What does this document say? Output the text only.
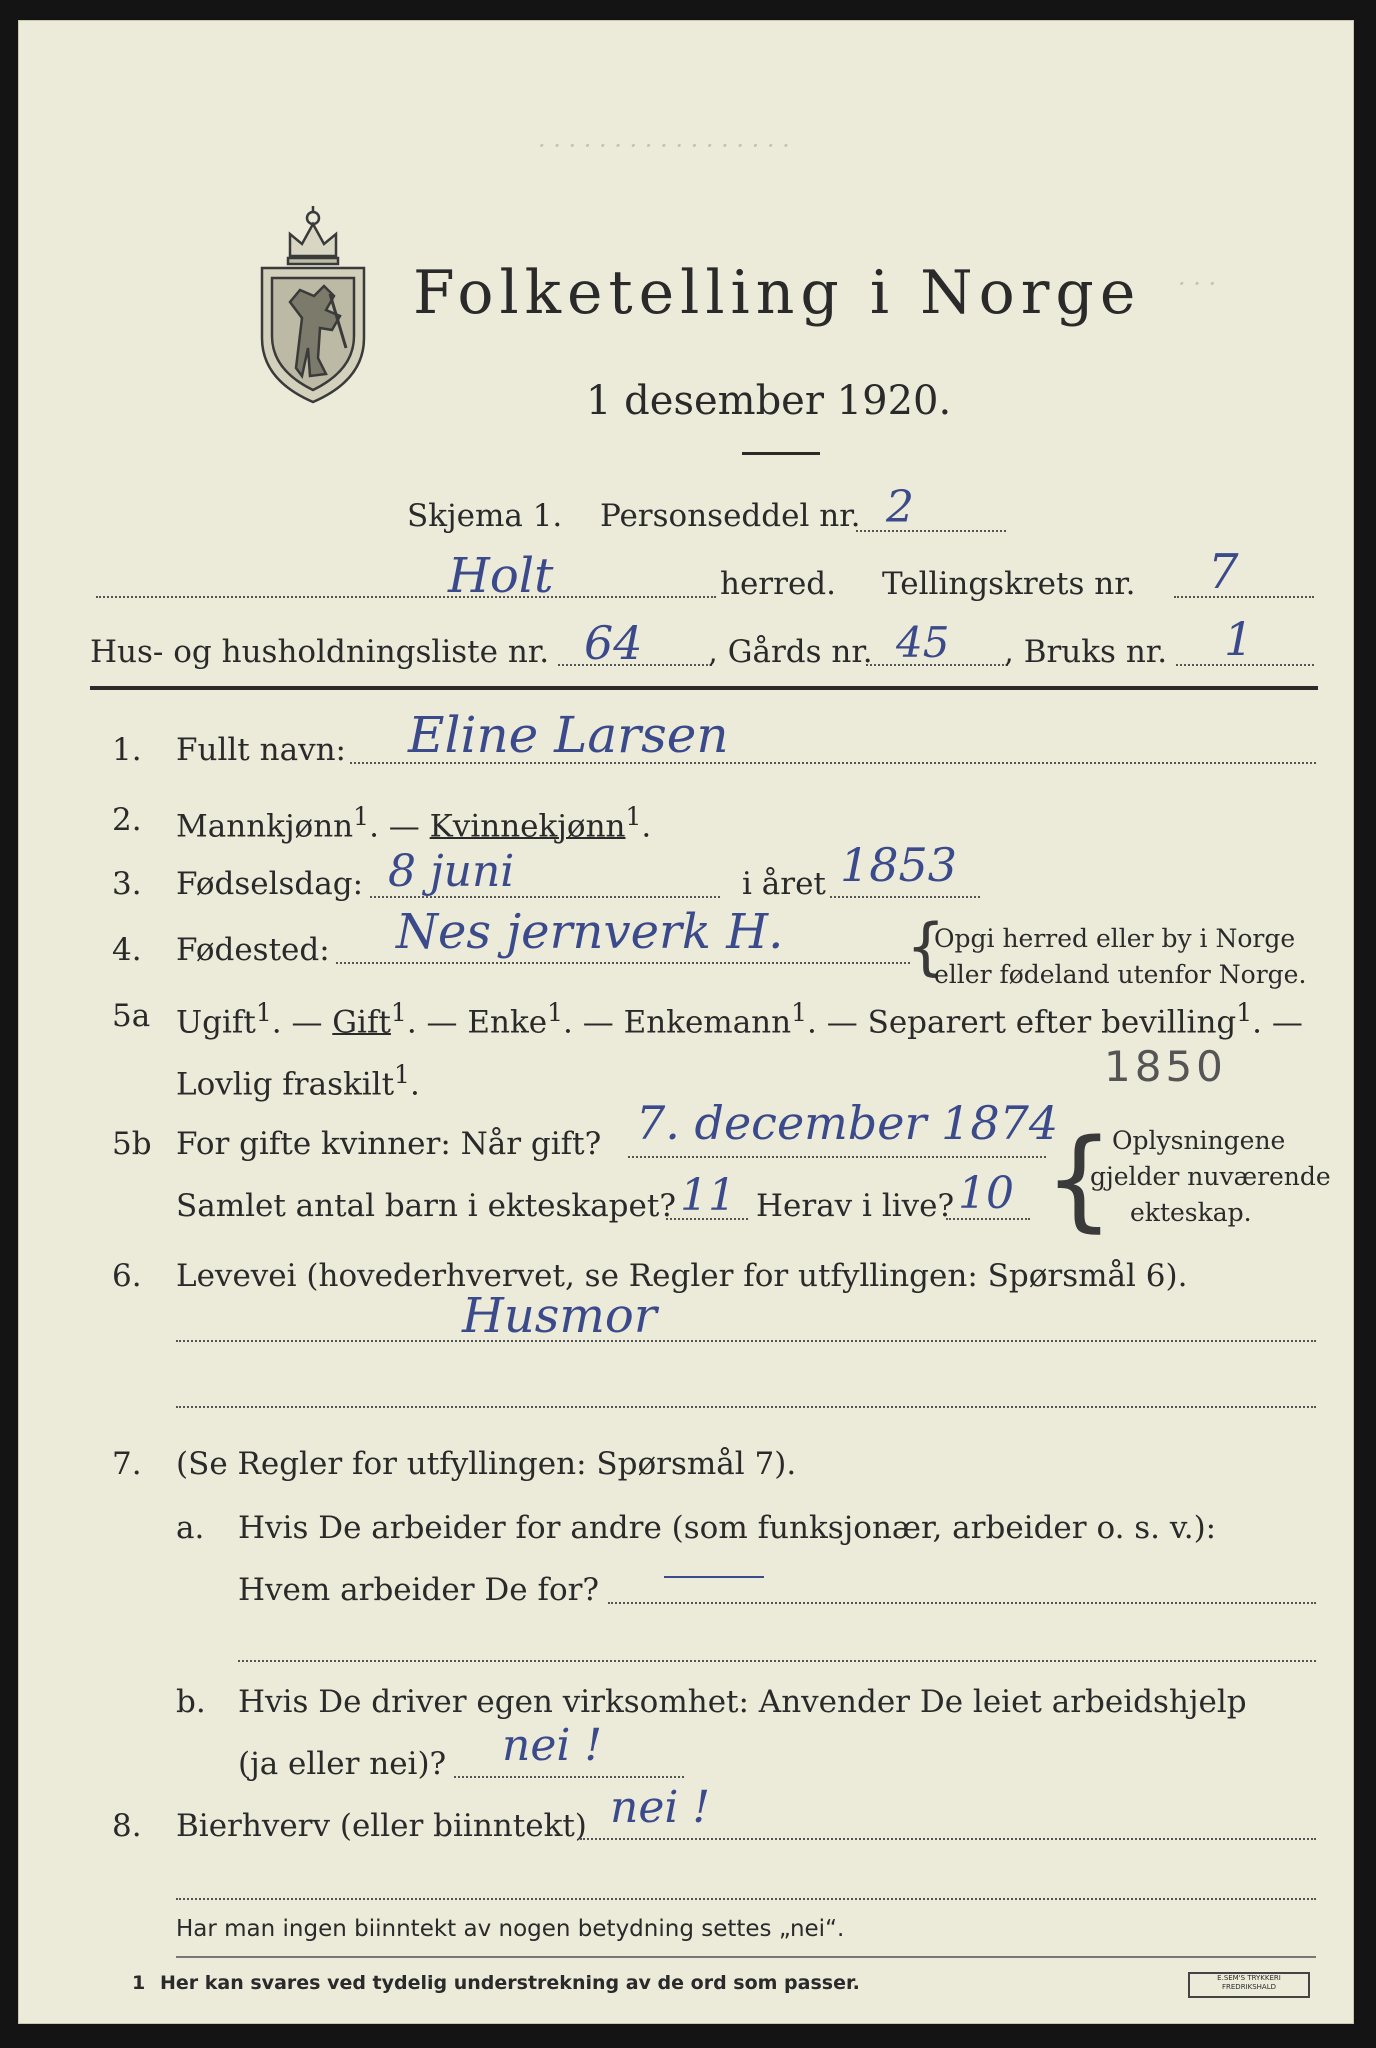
· · · · · · · · · · · · · · · · ·
· · ·
Folketelling i Norge
1 desember 1920.
Skjema 1. Personseddel nr. 2
Holt	herred. Tellingskrets nr. 7
Hus- og husholdningsliste nr. 64 , Gårds nr. 45 , Bruks nr. 1
1. Fullt navn: Eline Larsen
2. Mannkjønn$^1$. — Kvinnekjønn$^1$.
3. Fødselsdag: 8 juni	i året 1853
4. Fødested: Nes jernverk H. {
Opgi herred eller by i Norge
eller fødeland utenfor Norge.
5a Ugift$^1$. — Gift$^1$. — Enke$^1$. — Enkemann$^1$. — Separert efter bevilling$^1$. —
Lovlig fraskilt$^1$.	1850
5b For gifte kvinner: Når gift? 7. december 1874
Samlet antal barn i ekteskapet? 11 Herav i live? 10 {
Oplysningene
gjelder nuværende
ekteskap.
6. Levevei (hovederhvervet, se Regler for utfyllingen: Spørsmål 6).
Husmor
7. (Se Regler for utfyllingen: Spørsmål 7).
a. Hvis De arbeider for andre (som funksjonær, arbeider o. s. v.):
Hvem arbeider De for?
b. Hvis De driver egen virksomhet: Anvender De leiet arbeidshjelp
(ja eller nei)? nei !
8. Bierhverv (eller biinntekt) nei !
Har man ingen biinntekt av nogen betydning settes „nei“.
1 Her kan svares ved tydelig understrekning av de ord som passer.	E.SEM'S TRYKKERI FREDRIKSHALD
